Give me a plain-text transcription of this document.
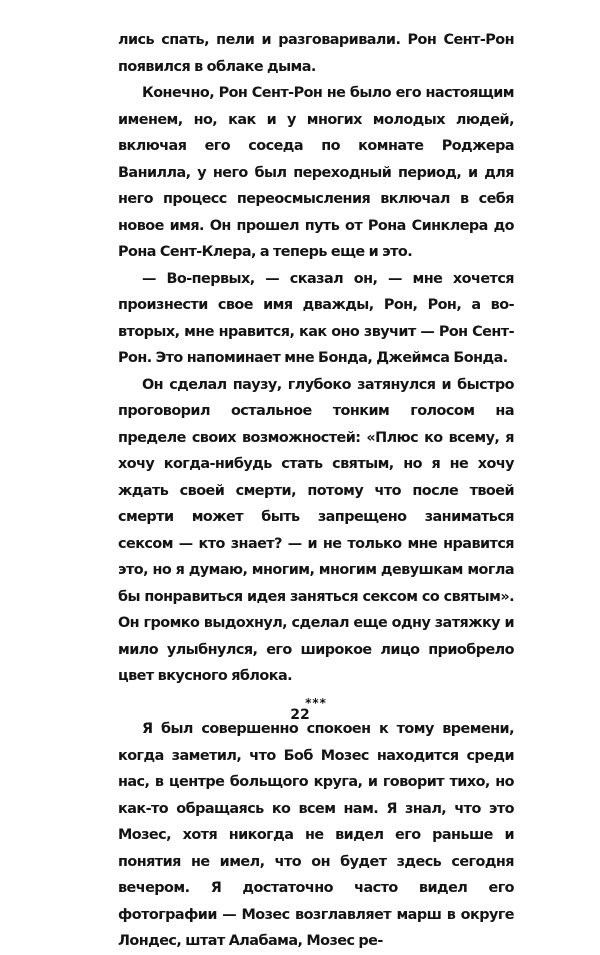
лись спать, пели и разговаривали. Рон Сент-Рон появился в облаке дыма.

Конечно, Рон Сент-Рон не было его настоящим именем, но, как и у многих молодых людей, включая его соседа по комнате Роджера Ванилла, у него был переходный период, и для него процесс переосмысления включал в себя новое имя. Он прошел путь от Рона Синклера до Рона Сент-Клера, а теперь еще и это.

— Во-первых, — сказал он, — мне хочется произнести свое имя дважды, Рон, Рон, а во-вторых, мне нравится, как оно звучит — Рон Сент-Рон. Это напоминает мне Бонда, Джеймса Бонда.

Он сделал паузу, глубоко затянулся и быстро проговорил остальное тонким голосом на пределе своих возможностей: «Плюс ко всему, я хочу когда-нибудь стать святым, но я не хочу ждать своей смерти, потому что после твоей смерти может быть запрещено заниматься сексом — кто знает? — и не только мне нравится это, но я думаю, многим, многим девушкам могла бы понравиться идея заняться сексом со святым». Он громко выдохнул, сделал еще одну затяжку и мило улыбнулся, его широкое лицо приобрело цвет вкусного яблока.

***

Я был совершенно спокоен к тому времени, когда заметил, что Боб Мозес находится среди нас, в центре больщого круга, и говорит тихо, но как-то обращаясь ко всем нам. Я знал, что это Мозес, хотя никогда не видел его раньше и понятия не имел, что он будет здесь сегодня вечером. Я достаточно часто видел его фотографии — Мозес возглавляет марш в округе Лондес, штат Алабама, Мозес ре-

22
